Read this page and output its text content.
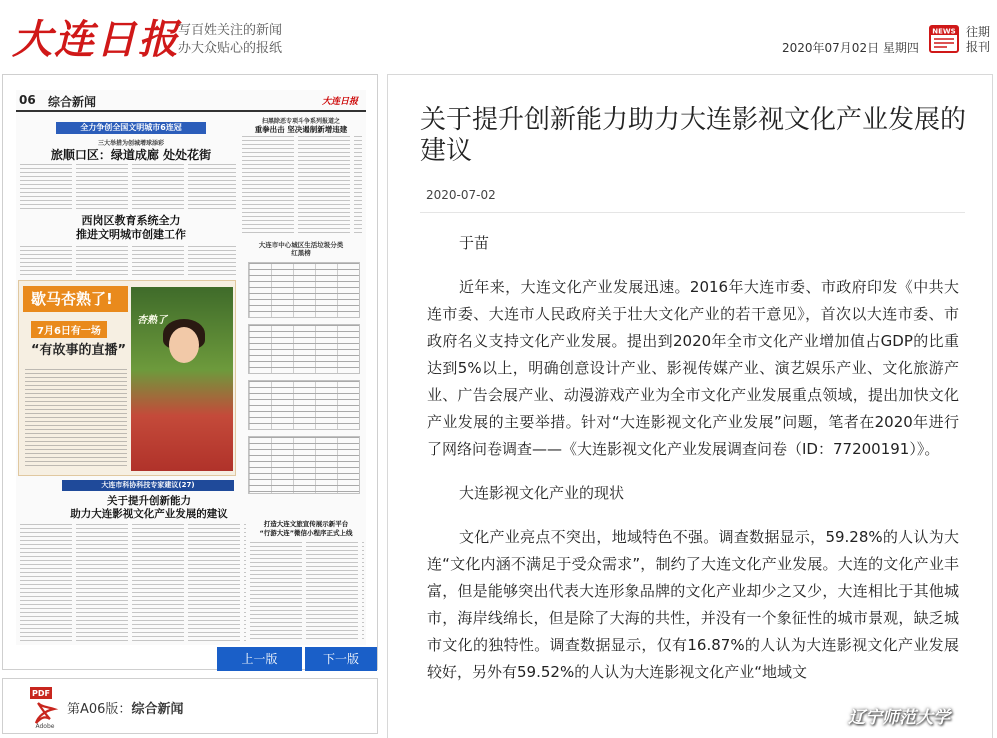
大连日报
写百姓关注的新闻
办大众贴心的报纸	2020年07月02日 星期四
NEWS 往期
报刊
06 综合新闻	大连日报
全力争创全国文明城市6连冠
三大举措为创城增球添彩
旅顺口区：绿道成廊 处处花街
西岗区教育系统全力
推进文明城市创建工作
扫黑除恶专项斗争系列报道之
重拳出击 坚决遏制新增违建
大连市中心城区生活垃圾分类
红黑榜
歇马杏熟了!
7月6日有一场
“有故事的直播”
杏熟了
大连市科协科技专家建议(27)
关于提升创新能力
助力大连影视文化产业发展的建议
打造大连文旅宣传展示新平台
“行游大连”微信小程序正式上线
上一版	下一版
PDF
Adobe
第A06版：综合新闻
关于提升创新能力助力大连影视文化产业发展的建议
2020-07-02

于苗

近年来，大连文化产业发展迅速。2016年大连市委、市政府印发《中共大连市委、大连市人民政府关于壮大文化产业的若干意见》，首次以大连市委、市政府名义支持文化产业发展。提出到2020年全市文化产业增加值占GDP的比重达到5%以上，明确创意设计产业、影视传媒产业、演艺娱乐产业、文化旅游产业、广告会展产业、动漫游戏产业为全市文化产业发展重点领域，提出加快文化产业发展的主要举措。针对“大连影视文化产业发展”问题，笔者在2020年进行了网络问卷调查——《大连影视文化产业发展调查问卷（ID：77200191）》。

大连影视文化产业的现状

文化产业亮点不突出，地域特色不强。调查数据显示，59.28%的人认为大连“文化内涵不满足于受众需求”，制约了大连文化产业发展。大连的文化产业丰富，但是能够突出代表大连形象品牌的文化产业却少之又少，大连相比于其他城市，海岸线绵长，但是除了大海的共性，并没有一个象征性的城市景观，缺乏城市文化的独特性。调查数据显示，仅有16.87%的人认为大连影视文化产业发展较好，另外有59.52%的人认为大连影视文化产业“地域文

辽宁师范大学
